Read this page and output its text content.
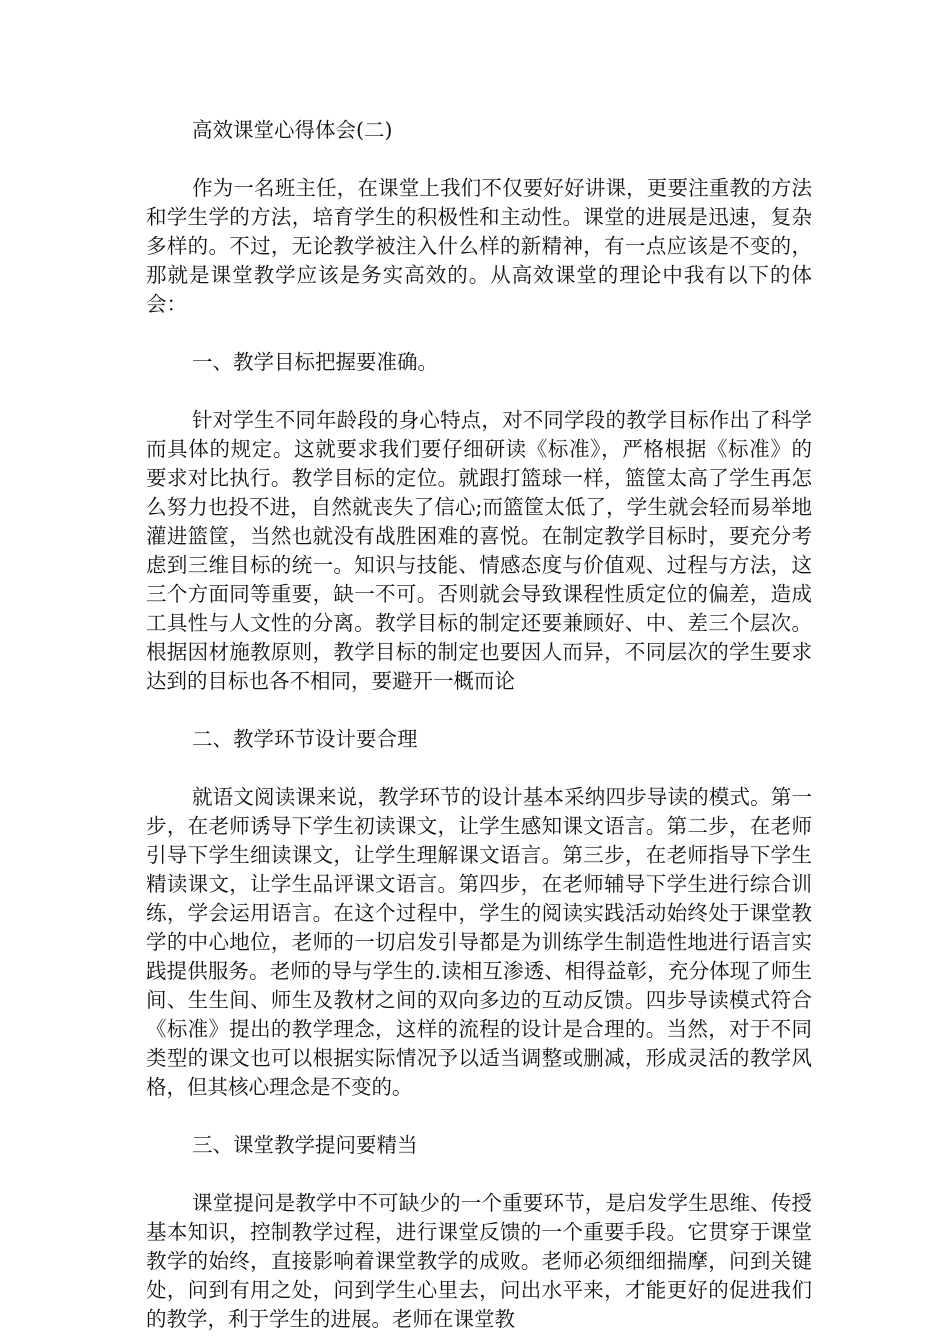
高效课堂心得体会(二)

作为一名班主任，在课堂上我们不仅要好好讲课，更要注重教的方法和学生学的方法，培育学生的积极性和主动性。课堂的进展是迅速，复杂多样的。不过，无论教学被注入什么样的新精神，有一点应该是不变的，那就是课堂教学应该是务实高效的。从高效课堂的理论中我有以下的体会：

一、教学目标把握要准确。

针对学生不同年龄段的身心特点，对不同学段的教学目标作出了科学而具体的规定。这就要求我们要仔细研读《标准》，严格根据《标准》的要求对比执行。教学目标的定位。就跟打篮球一样，篮筐太高了学生再怎么努力也投不进，自然就丧失了信心;而篮筐太低了，学生就会轻而易举地灌进篮筐，当然也就没有战胜困难的喜悦。在制定教学目标时，要充分考虑到三维目标的统一。知识与技能、情感态度与价值观、过程与方法，这三个方面同等重要，缺一不可。否则就会导致课程性质定位的偏差，造成工具性与人文性的分离。教学目标的制定还要兼顾好、中、差三个层次。根据因材施教原则，教学目标的制定也要因人而异，不同层次的学生要求达到的目标也各不相同，要避开一概而论

二、教学环节设计要合理

就语文阅读课来说，教学环节的设计基本采纳四步导读的模式。第一步，在老师诱导下学生初读课文，让学生感知课文语言。第二步，在老师引导下学生细读课文，让学生理解课文语言。第三步，在老师指导下学生精读课文，让学生品评课文语言。第四步，在老师辅导下学生进行综合训练，学会运用语言。在这个过程中，学生的阅读实践活动始终处于课堂教学的中心地位，老师的一切启发引导都是为训练学生制造性地进行语言实践提供服务。老师的导与学生的.读相互渗透、相得益彰，充分体现了师生间、生生间、师生及教材之间的双向多边的互动反馈。四步导读模式符合《标准》提出的教学理念，这样的流程的设计是合理的。当然，对于不同类型的课文也可以根据实际情况予以适当调整或删减，形成灵活的教学风格，但其核心理念是不变的。

三、课堂教学提问要精当

课堂提问是教学中不可缺少的一个重要环节，是启发学生思维、传授基本知识，控制教学过程，进行课堂反馈的一个重要手段。它贯穿于课堂教学的始终，直接影响着课堂教学的成败。老师必须细细揣摩，问到关键处，问到有用之处，问到学生心里去，问出水平来，才能更好的促进我们的教学，利于学生的进展。老师在课堂教
